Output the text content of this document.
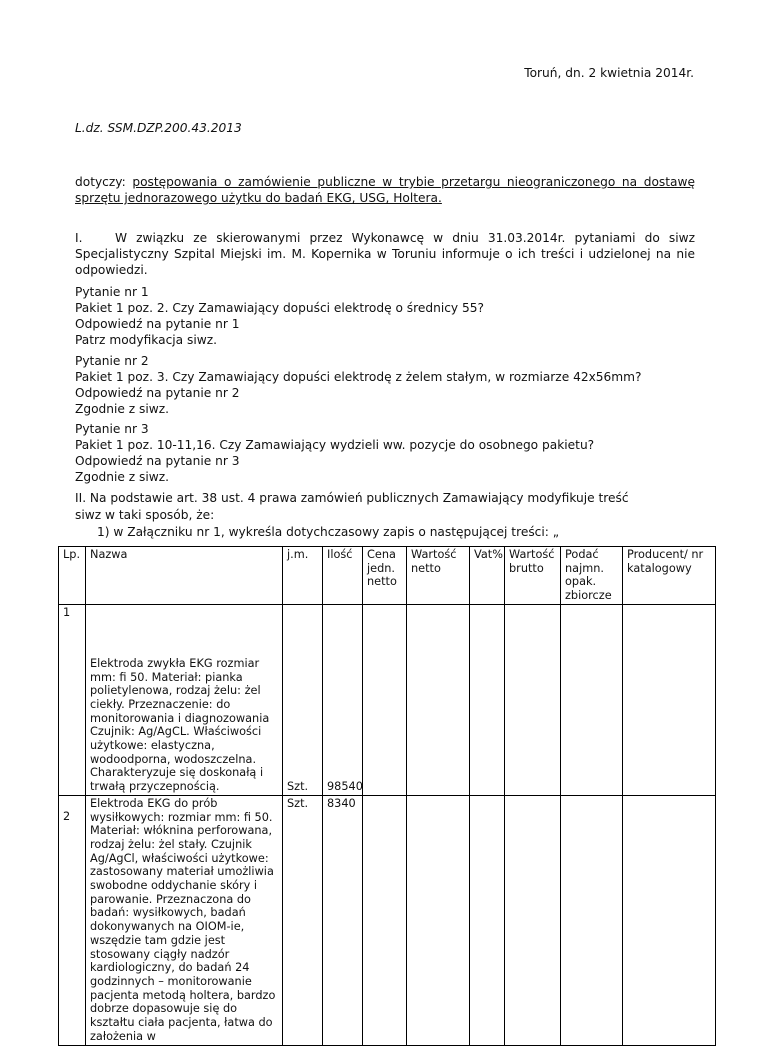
Toruń, dn. 2 kwietnia 2014r.
L.dz. SSM.DZP.200.43.2013
dotyczy: postępowania o zamówienie publiczne w trybie przetargu nieograniczonego na dostawę sprzętu jednorazowego użytku do badań EKG, USG, Holtera.
I.	W związku ze skierowanymi przez Wykonawcę w dniu 31.03.2014r. pytaniami do siwz Specjalistyczny Szpital Miejski im. M. Kopernika w Toruniu informuje o ich treści i udzielonej na nie odpowiedzi.
Pytanie nr 1
Pakiet 1 poz. 2. Czy Zamawiający dopuści elektrodę o średnicy 55?
Odpowiedź na pytanie nr 1
Patrz modyfikacja siwz.
Pytanie nr 2
Pakiet 1 poz. 3. Czy Zamawiający dopuści elektrodę z żelem stałym, w rozmiarze 42x56mm?
Odpowiedź na pytanie nr 2
Zgodnie z siwz.
Pytanie nr 3
Pakiet 1 poz. 10-11,16. Czy Zamawiający wydzieli ww. pozycje do osobnego pakietu?
Odpowiedź na pytanie nr 3
Zgodnie z siwz.
II. Na podstawie art. 38 ust. 4 prawa zamówień publicznych Zamawiający modyfikuje treść siwz w taki sposób, że:
1) w Załączniku nr 1, wykreśla dotychczasowy zapis o następującej treści: „
Lp.	Nazwa	j.m.	Ilość	Cena jedn. netto	Wartość netto	Vat%	Wartość brutto	Podać najmn. opak. zbiorcze	Producent/ nr katalogowy
1	Elektroda zwykła EKG rozmiar mm: fi 50. Materiał: pianka polietylenowa, rodzaj żelu: żel ciekły. Przeznaczenie: do monitorowania i diagnozowania Czujnik: Ag/AgCL. Właściwości użytkowe: elastyczna, wodoodporna, wodoszczelna. Charakteryzuje się doskonałą i trwałą przyczepnością.	Szt.	98540						
2	Elektroda EKG do prób wysiłkowych: rozmiar mm: fi 50. Materiał: włóknina perforowana, rodzaj żelu: żel stały. Czujnik Ag/AgCl, właściwości użytkowe: zastosowany materiał umożliwia swobodne oddychanie skóry i parowanie. Przeznaczona do badań: wysiłkowych, badań dokonywanych na OIOM-ie, wszędzie tam gdzie jest stosowany ciągły nadzór kardiologiczny, do badań 24 godzinnych – monitorowanie pacjenta metodą holtera, bardzo dobrze dopasowuje się do kształtu ciała pacjenta, łatwa do założenia w	Szt.	8340						
